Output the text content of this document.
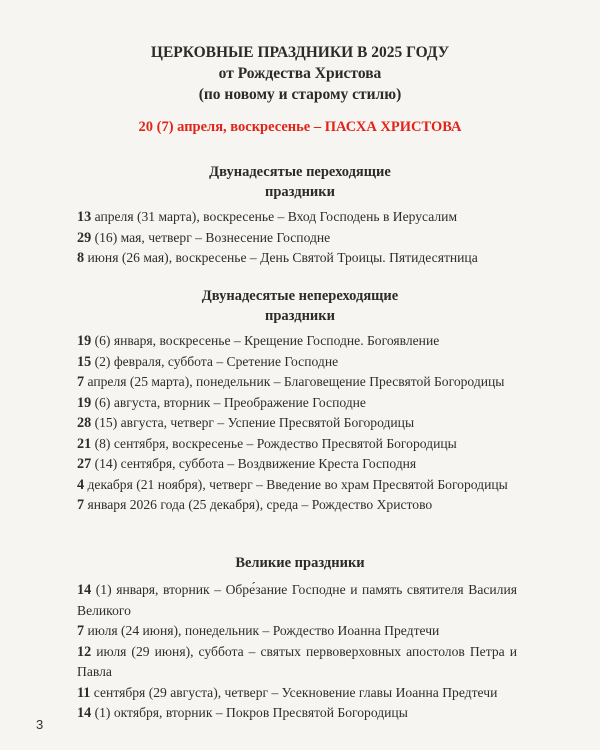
ЦЕРКОВНЫЕ ПРАЗДНИКИ В 2025 ГОДУ
от Рождества Христова
(по новому и старому стилю)
20 (7) апреля, воскресенье – ПАСХА ХРИСТОВА
Двунадесятые переходящие
праздники
13 апреля (31 марта), воскресенье – Вход Господень в Иерусалим
29 (16) мая, четверг – Вознесение Господне
8 июня (26 мая), воскресенье – День Святой Троицы. Пятидесятница
Двунадесятые непереходящие
праздники
19 (6) января, воскресенье – Крещение Господне. Богоявление
15 (2) февраля, суббота – Сретение Господне
7 апреля (25 марта), понедельник – Благовещение Пресвятой Богородицы
19 (6) августа, вторник – Преображение Господне
28 (15) августа, четверг – Успение Пресвятой Богородицы
21 (8) сентября, воскресенье – Рождество Пресвятой Богородицы
27 (14) сентября, суббота – Воздвижение Креста Господня
4 декабря (21 ноября), четверг – Введение во храм Пресвятой Богородицы
7 января 2026 года (25 декабря), среда – Рождество Христово
Великие праздники
14 (1) января, вторник – Обре́зание Господне и память святителя Василия Великого
7 июля (24 июня), понедельник – Рождество Иоанна Предтечи
12 июля (29 июня), суббота – святых первоверховных апостолов Петра и Павла
11 сентября (29 августа), четверг – Усекновение главы Иоанна Предтечи
14 (1) октября, вторник – Покров Пресвятой Богородицы
3
